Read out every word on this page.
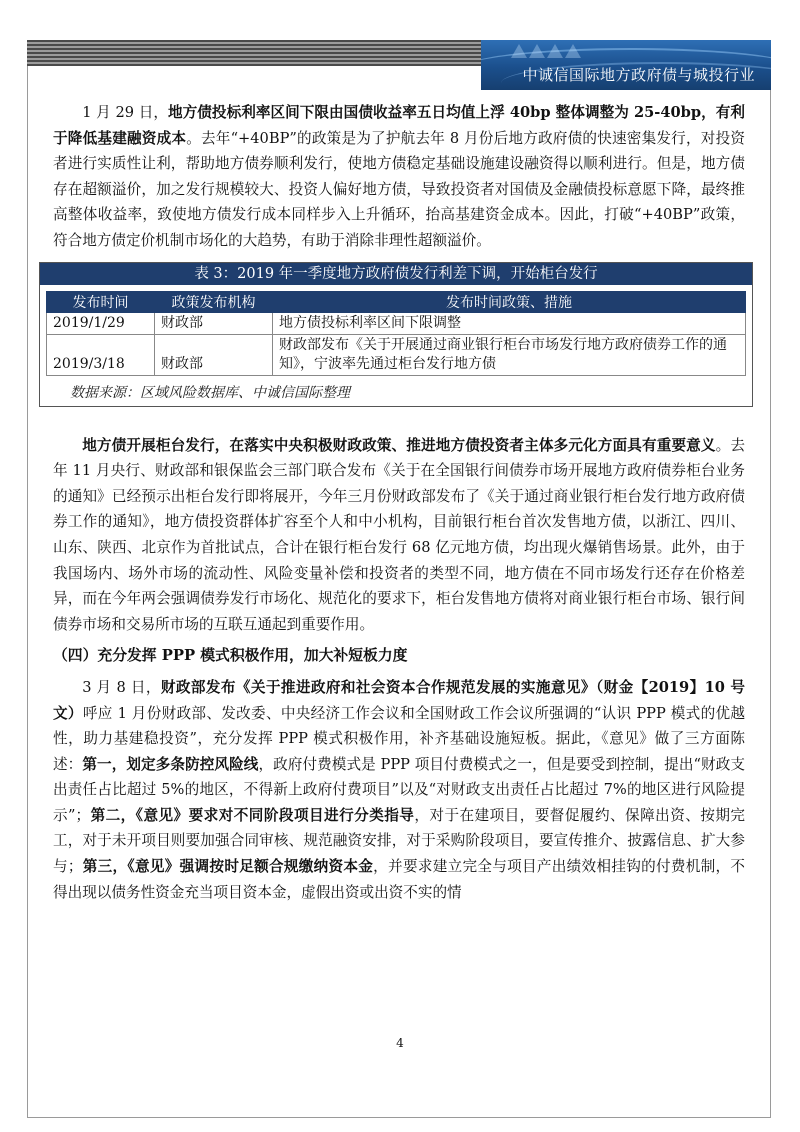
中诚信国际地方政府债与城投行业

1 月 29 日，地方债投标利率区间下限由国债收益率五日均值上浮 40bp 整体调整为 25-40bp，有利于降低基建融资成本。去年“+40BP”的政策是为了护航去年 8 月份后地方政府债的快速密集发行，对投资者进行实质性让利，帮助地方债券顺利发行，使地方债稳定基础设施建设融资得以顺利进行。但是，地方债存在超额溢价，加之发行规模较大、投资人偏好地方债，导致投资者对国债及金融债投标意愿下降，最终推高整体收益率，致使地方债发行成本同样步入上升循环，抬高基建资金成本。因此，打破“+40BP”政策，符合地方债定价机制市场化的大趋势，有助于消除非理性超额溢价。

表 3：2019 年一季度地方政府债发行利差下调，开始柜台发行
发布时间	政策发布机构	发布时间政策、措施
2019/1/29	财政部	地方债投标利率区间下限调整
2019/3/18	财政部	财政部发布《关于开展通过商业银行柜台市场发行地方政府债券工作的通知》，宁波率先通过柜台发行地方债
数据来源：区域风险数据库、中诚信国际整理

地方债开展柜台发行，在落实中央积极财政政策、推进地方债投资者主体多元化方面具有重要意义。去年 11 月央行、财政部和银保监会三部门联合发布《关于在全国银行间债券市场开展地方政府债券柜台业务的通知》已经预示出柜台发行即将展开，今年三月份财政部发布了《关于通过商业银行柜台发行地方政府债券工作的通知》，地方债投资群体扩容至个人和中小机构，目前银行柜台首次发售地方债，以浙江、四川、山东、陕西、北京作为首批试点，合计在银行柜台发行 68 亿元地方债，均出现火爆销售场景。此外，由于我国场内、场外市场的流动性、风险变量补偿和投资者的类型不同，地方债在不同市场发行还存在价格差异，而在今年两会强调债券发行市场化、规范化的要求下，柜台发售地方债将对商业银行柜台市场、银行间债券市场和交易所市场的互联互通起到重要作用。

（四）充分发挥 PPP 模式积极作用，加大补短板力度

3 月 8 日，财政部发布《关于推进政府和社会资本合作规范发展的实施意见》（财金【2019】10 号文）呼应 1 月份财政部、发改委、中央经济工作会议和全国财政工作会议所强调的“认识 PPP 模式的优越性，助力基建稳投资”，充分发挥 PPP 模式积极作用，补齐基础设施短板。据此，《意见》做了三方面陈述：第一，划定多条防控风险线，政府付费模式是 PPP 项目付费模式之一，但是要受到控制，提出“财政支出责任占比超过 5%的地区，不得新上政府付费项目”以及“对财政支出责任占比超过 7%的地区进行风险提示”；第二，《意见》要求对不同阶段项目进行分类指导，对于在建项目，要督促履约、保障出资、按期完工，对于未开项目则要加强合同审核、规范融资安排，对于采购阶段项目，要宣传推介、披露信息、扩大参与；第三，《意见》强调按时足额合规缴纳资本金，并要求建立完全与项目产出绩效相挂钩的付费机制，不得出现以债务性资金充当项目资本金，虚假出资或出资不实的情

4
